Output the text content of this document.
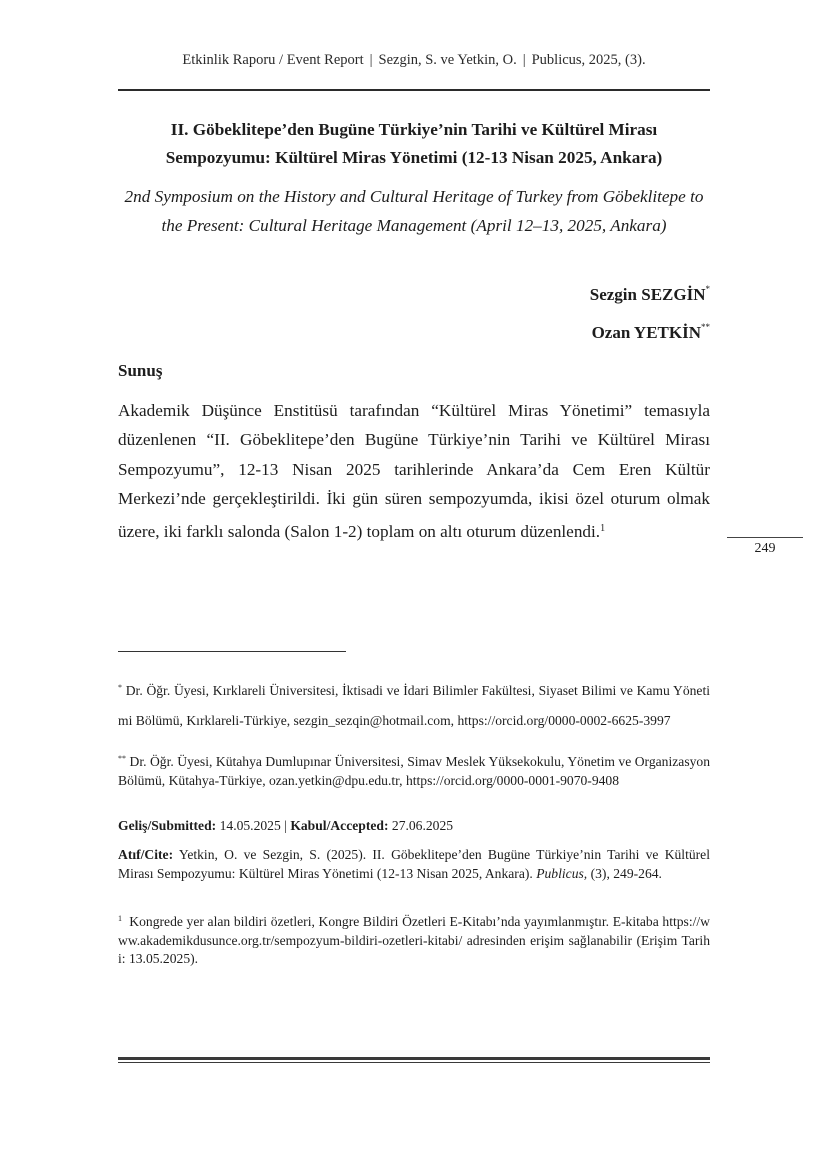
Etkinlik Raporu / Event Report | Sezgin, S. ve Yetkin, O. | Publicus, 2025, (3).
II. Göbeklitepe’den Bugüne Türkiye’nin Tarihi ve Kültürel Mirası Sempozyumu: Kültürel Miras Yönetimi (12-13 Nisan 2025, Ankara)
2nd Symposium on the History and Cultural Heritage of Turkey from Göbeklitepe to the Present: Cultural Heritage Management (April 12–13, 2025, Ankara)
Sezgin SEZGİN*
Ozan YETKİN**
Sunuş
Akademik Düşünce Enstitüsü tarafından “Kültürel Miras Yönetimi” temasıyla düzenlenen “II. Göbeklitepe’den Bugüne Türkiye’nin Tarihi ve Kültürel Mirası Sempozyumu”, 12-13 Nisan 2025 tarihlerinde Ankara’da Cem Eren Kültür Merkezi’nde gerçekleştirildi. İki gün süren sempozyumda, ikisi özel oturum olmak üzere, iki farklı salonda (Salon 1-2) toplam on altı oturum düzenlendi.$^1$
249
* Dr. Öğr. Üyesi, Kırklareli Üniversitesi, İktisadi ve İdari Bilimler Fakültesi, Siyaset Bilimi ve Kamu Yönetimi Bölümü, Kırklareli-Türkiye, sezgin_sezqin@hotmail.com, https://orcid.org/0000-0002-6625-3997
** Dr. Öğr. Üyesi, Kütahya Dumlupınar Üniversitesi, Simav Meslek Yüksekokulu, Yönetim ve Organizasyon Bölümü, Kütahya-Türkiye, ozan.yetkin@dpu.edu.tr, https://orcid.org/0000-0001-9070-9408
Geliş/Submitted: 14.05.2025 | Kabul/Accepted: 27.06.2025
Atıf/Cite: Yetkin, O. ve Sezgin, S. (2025). II. Göbeklitepe’den Bugüne Türkiye’nin Tarihi ve Kültürel Mirası Sempozyumu: Kültürel Miras Yönetimi (12-13 Nisan 2025, Ankara). Publicus, (3), 249-264.
$^1$ Kongrede yer alan bildiri özetleri, Kongre Bildiri Özetleri E-Kitabı’nda yayımlanmıştır. E-kitaba https://www.akademikdusunce.org.tr/sempozyum-bildiri-ozetleri-kitabi/ adresinden erişim sağlanabilir (Erişim Tarihi: 13.05.2025).
